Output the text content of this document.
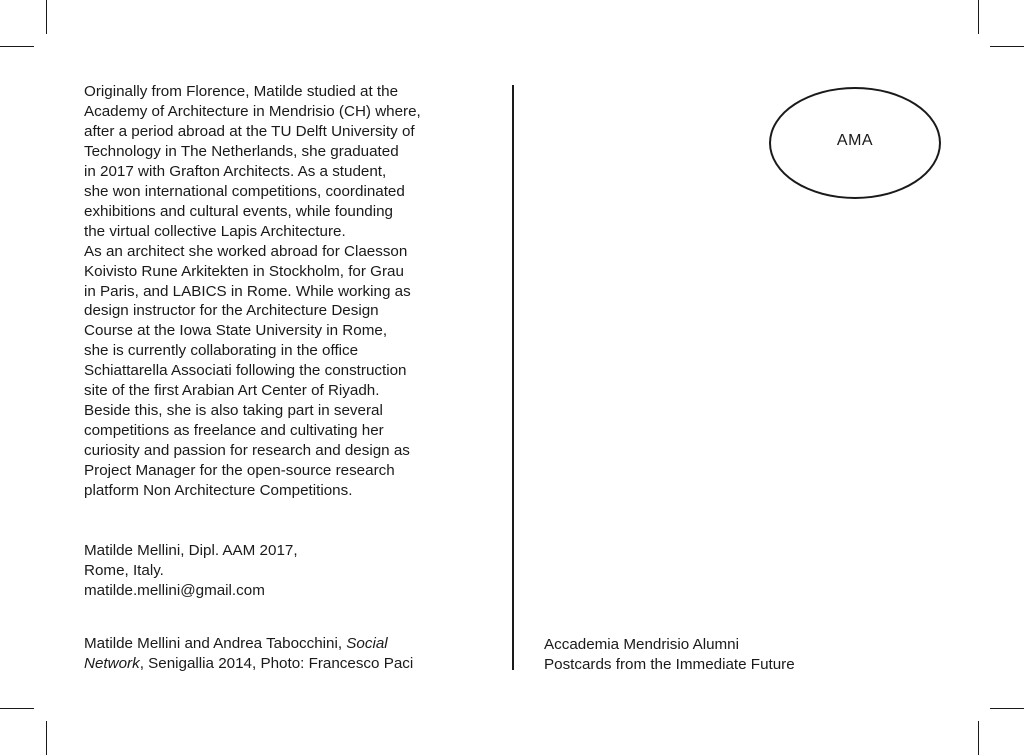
Originally from Florence, Matilde studied at the
Academy of Architecture in Mendrisio (CH) where,
after a period abroad at the TU Delft University of
Technology in The Netherlands, she graduated
in 2017 with Grafton Architects. As a student,
she won international competitions, coordinated
exhibitions and cultural events, while founding
the virtual collective Lapis Architecture.
As an architect she worked abroad for Claesson
Koivisto Rune Arkitekten in Stockholm, for Grau
in Paris, and LABICS in Rome. While working as
design instructor for the Architecture Design
Course at the Iowa State University in Rome,
she is currently collaborating in the office
Schiattarella Associati following the construction
site of the first Arabian Art Center of Riyadh.
Beside this, she is also taking part in several
competitions as freelance and cultivating her
curiosity and passion for research and design as
Project Manager for the open-source research
platform Non Architecture Competitions.

Matilde Mellini, Dipl. AAM 2017,
Rome, Italy.
matilde.mellini@gmail.com
Matilde Mellini and Andrea Tabocchini, Social
Network, Senigallia 2014, Photo: Francesco Paci
AMA
Accademia Mendrisio Alumni
Postcards from the Immediate Future
